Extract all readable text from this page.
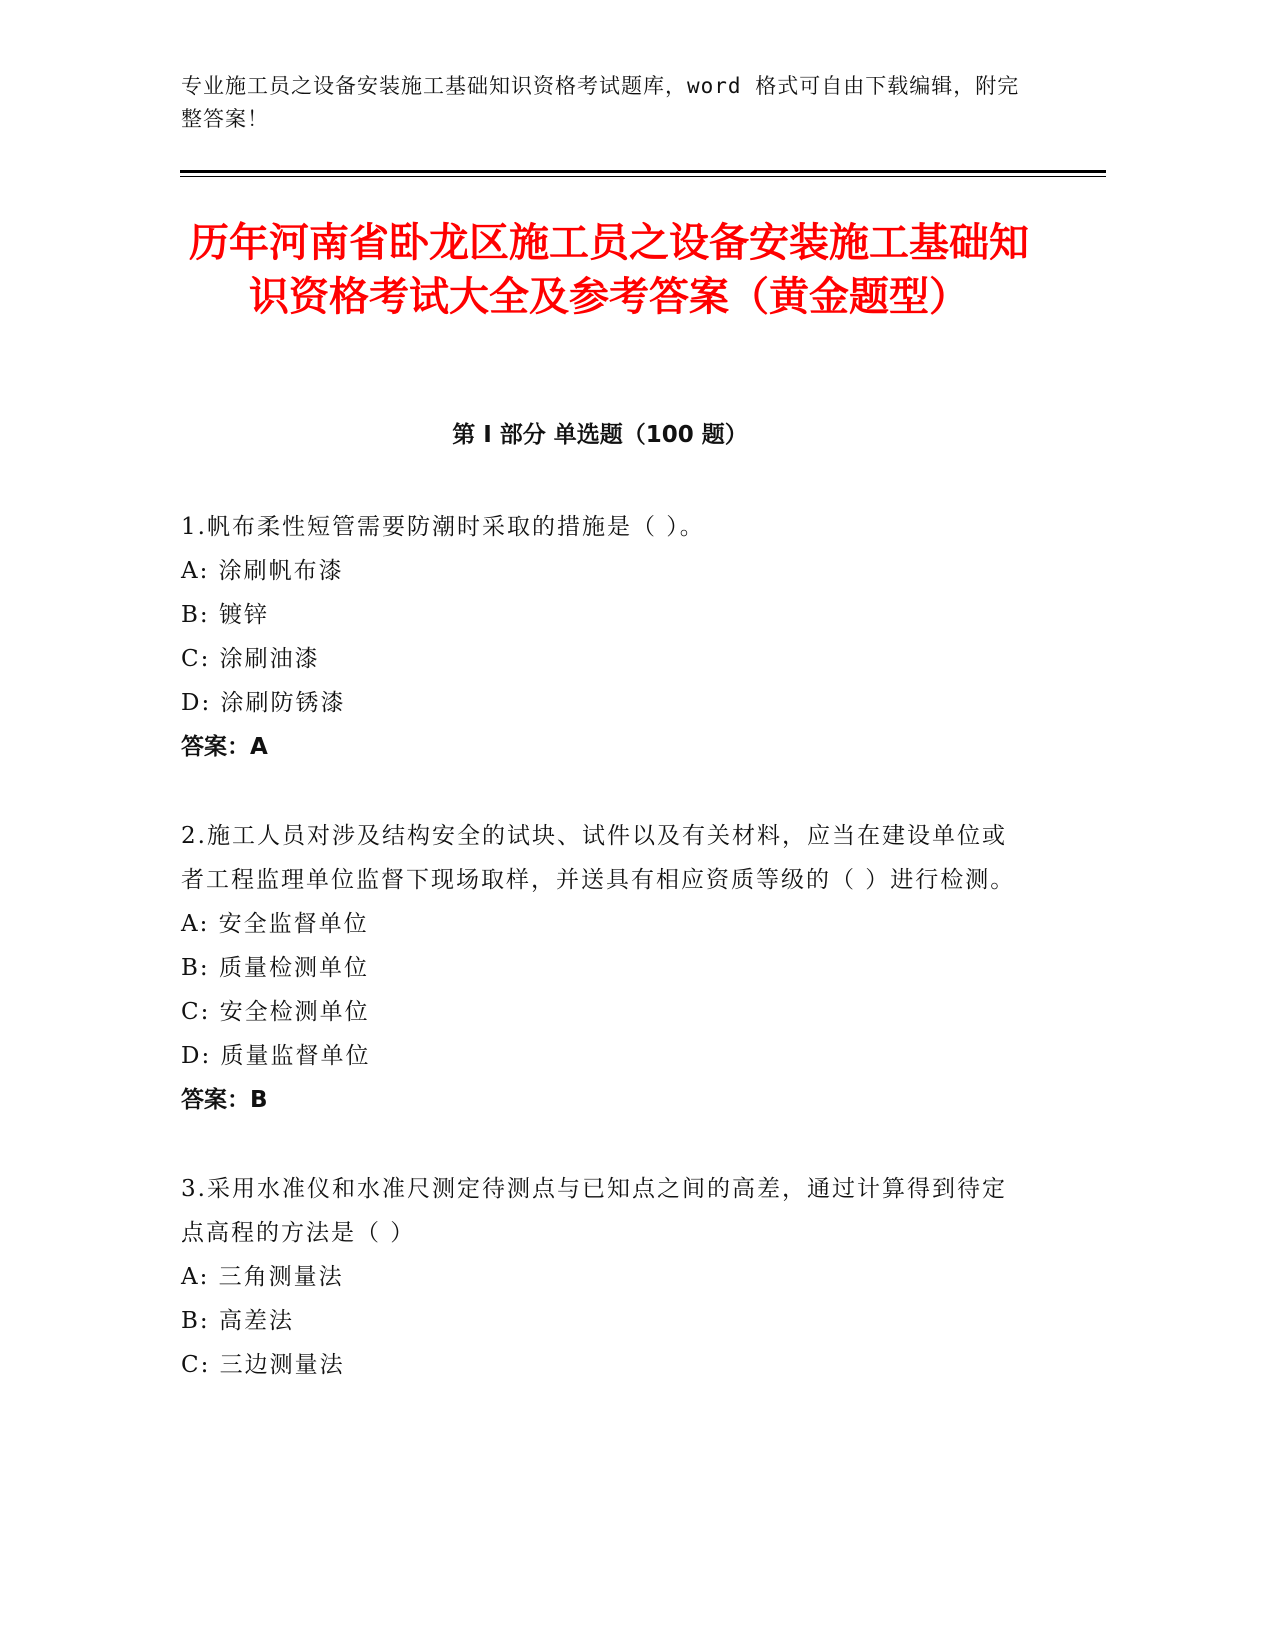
专业施工员之设备安装施工基础知识资格考试题库，word 格式可自由下载编辑，附完整答案！
历年河南省卧龙区施工员之设备安装施工基础知识资格考试大全及参考答案（黄金题型）
第 I 部分 单选题（100 题）

1.帆布柔性短管需要防潮时采取的措施是（ ）。

A: 涂刷帆布漆

B: 镀锌

C: 涂刷油漆

D: 涂刷防锈漆

答案：A

2.施工人员对涉及结构安全的试块、试件以及有关材料，应当在建设单位或者工程监理单位监督下现场取样，并送具有相应资质等级的（ ）进行检测。

A: 安全监督单位

B: 质量检测单位

C: 安全检测单位

D: 质量监督单位

答案：B

3.采用水准仪和水准尺测定待测点与已知点之间的高差，通过计算得到待定点高程的方法是（ ）

A: 三角测量法

B: 高差法

C: 三边测量法
